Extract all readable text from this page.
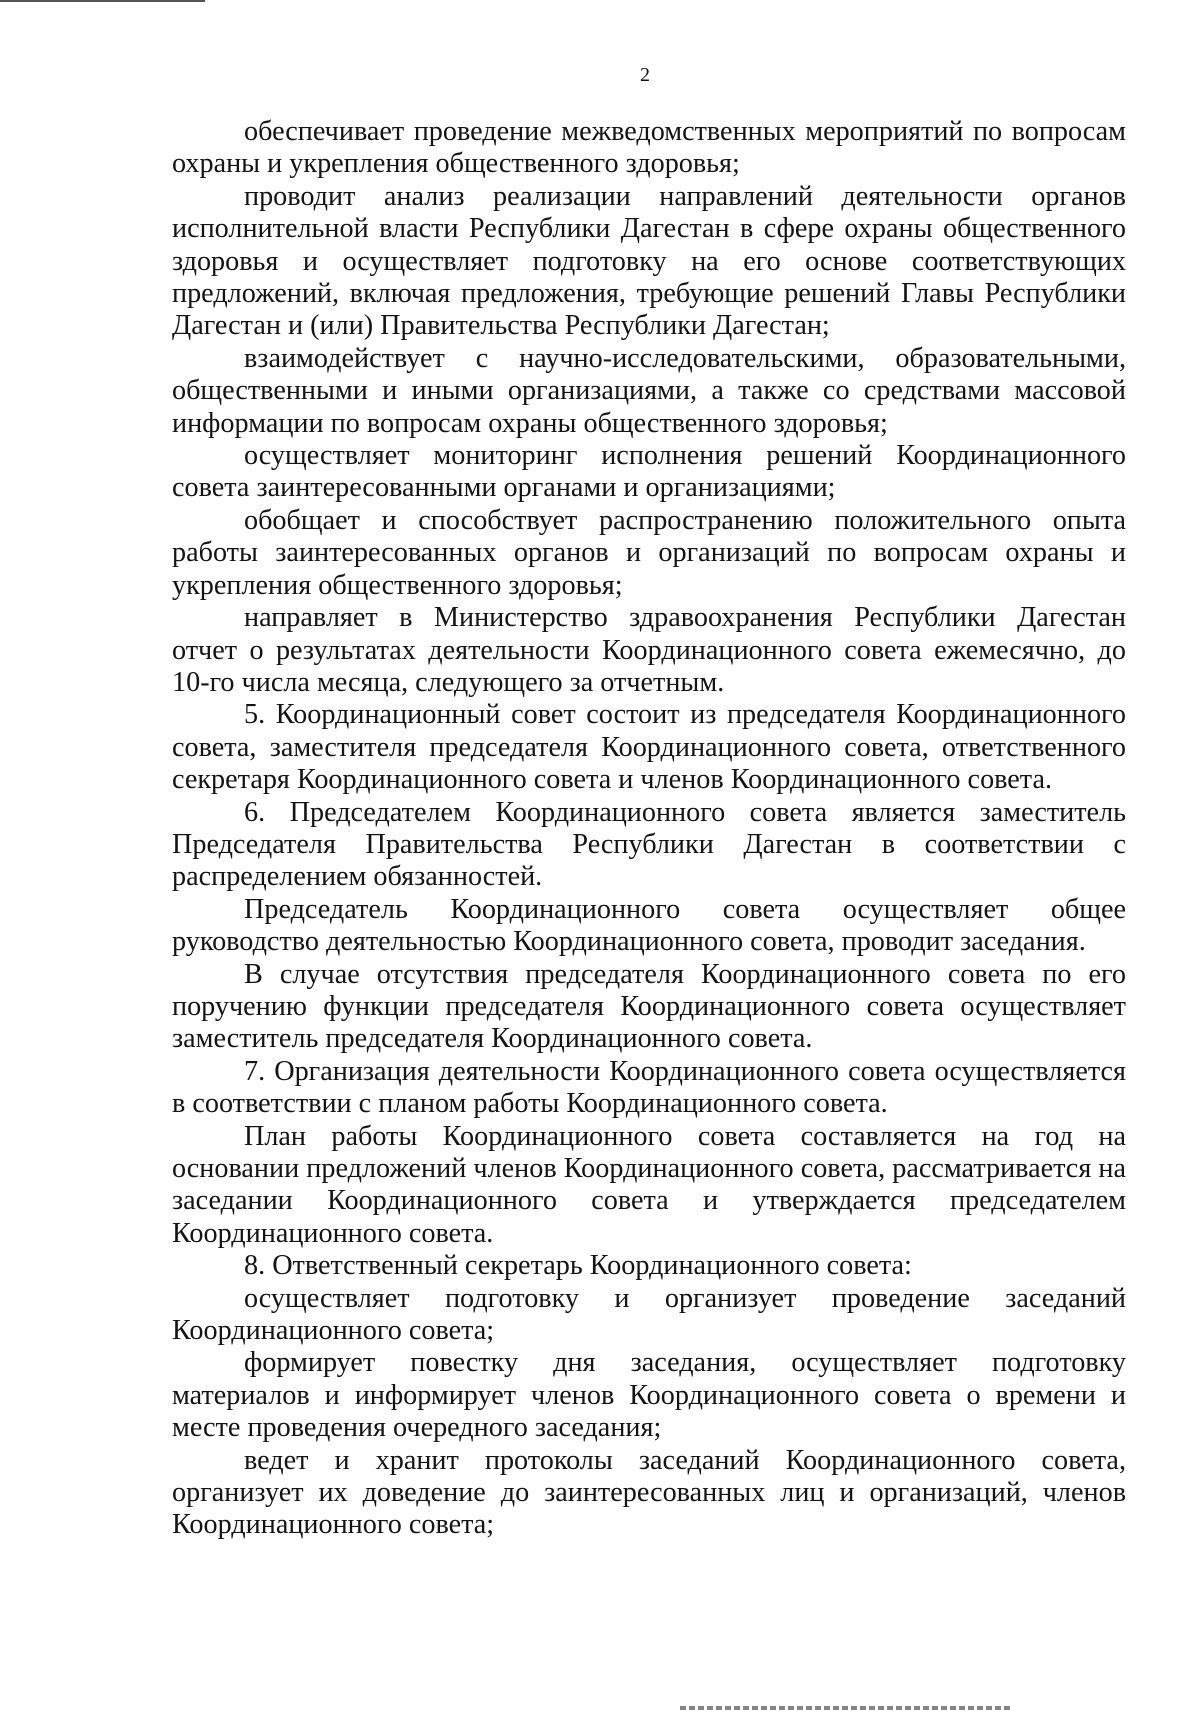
2

обеспечивает проведение межведомственных мероприятий по вопросам охраны и укрепления общественного здоровья;

проводит анализ реализации направлений деятельности органов исполнительной власти Республики Дагестан в сфере охраны общественного здоровья и осуществляет подготовку на его основе соответствующих предложений, включая предложения, требующие решений Главы Республики Дагестан и (или) Правительства Республики Дагестан;

взаимодействует с научно-исследовательскими, образовательными, общественными и иными организациями, а также со средствами массовой информации по вопросам охраны общественного здоровья;

осуществляет мониторинг исполнения решений Координационного совета заинтересованными органами и организациями;

обобщает и способствует распространению положительного опыта работы заинтересованных органов и организаций по вопросам охраны и укрепления общественного здоровья;

направляет в Министерство здравоохранения Республики Дагестан отчет о результатах деятельности Координационного совета ежемесячно, до 10-го числа месяца, следующего за отчетным.

5. Координационный совет состоит из председателя Координационного совета, заместителя председателя Координационного совета, ответственного секретаря Координационного совета и членов Координационного совета.

6. Председателем Координационного совета является заместитель Председателя Правительства Республики Дагестан в соответствии с распределением обязанностей.

Председатель Координационного совета осуществляет общее руководство деятельностью Координационного совета, проводит заседания.

В случае отсутствия председателя Координационного совета по его поручению функции председателя Координационного совета осуществляет заместитель председателя Координационного совета.

7. Организация деятельности Координационного совета осуществляется в соответствии с планом работы Координационного совета.

План работы Координационного совета составляется на год на основании предложений членов Координационного совета, рассматривается на заседании Координационного совета и утверждается председателем Координационного совета.

8. Ответственный секретарь Координационного совета:

осуществляет подготовку и организует проведение заседаний Координационного совета;

формирует повестку дня заседания, осуществляет подготовку материалов и информирует членов Координационного совета о времени и месте проведения очередного заседания;

ведет и хранит протоколы заседаний Координационного совета, организует их доведение до заинтересованных лиц и организаций, членов Координационного совета;
